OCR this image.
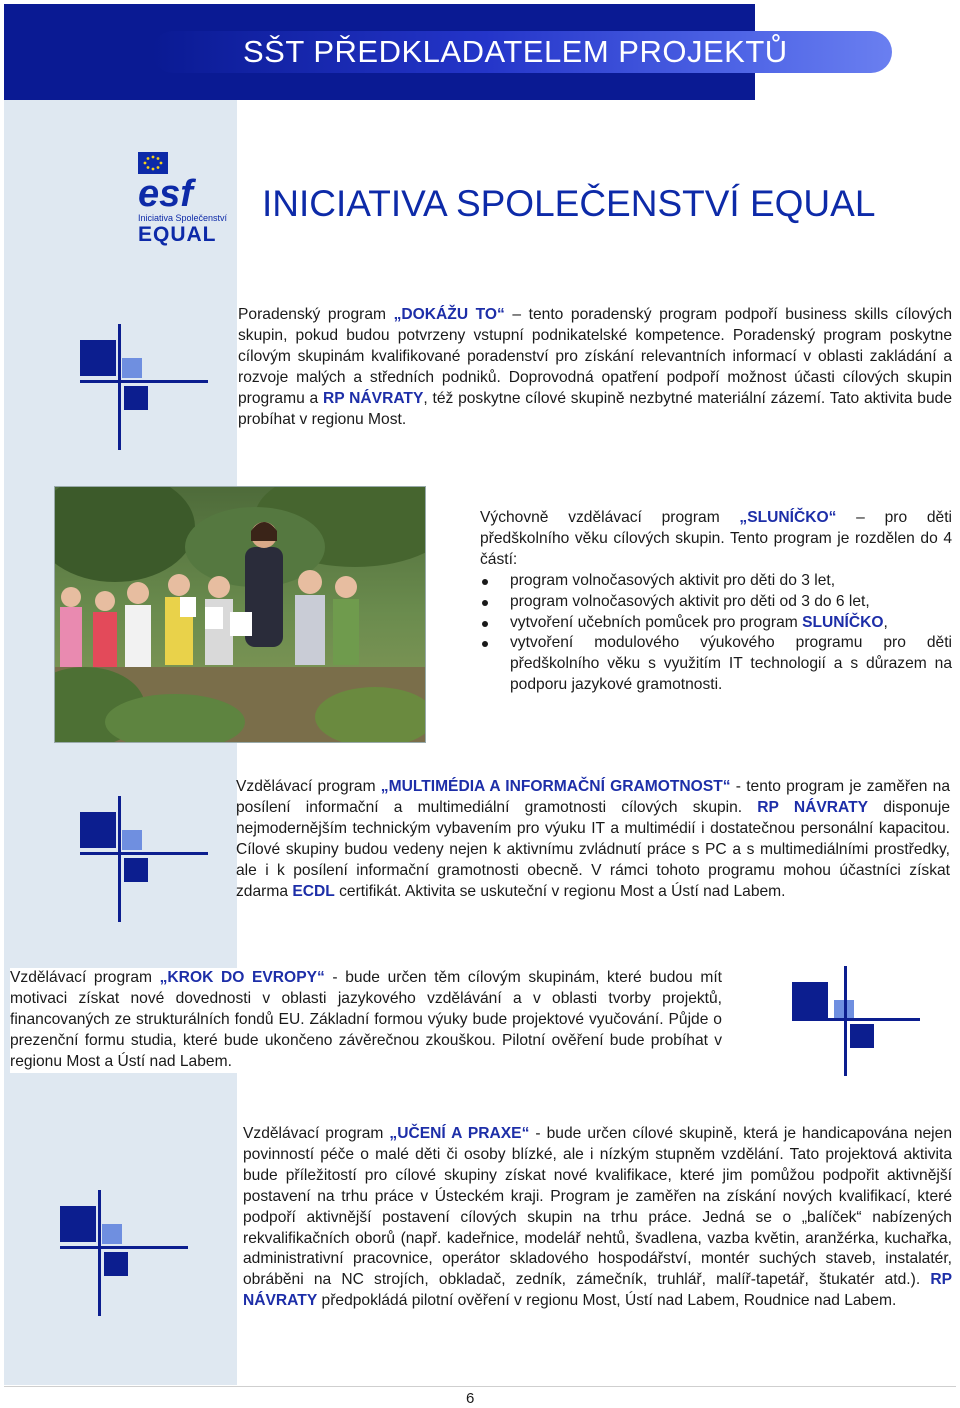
SŠT PŘEDKLADATELEM PROJEKTŮ
esf
Iniciativa Společenství
EQUAL
INICIATIVA SPOLEČENSTVÍ EQUAL
Poradenský program „DOKÁŽU TO“ – tento poradenský program podpoří business skills cílových skupin, pokud budou potvrzeny vstupní podnikatelské kompetence. Poradenský program poskytne cílovým skupinám kvalifikované poradenství pro získání relevantních informací v oblasti zakládání a rozvoje malých a středních podniků. Doprovodná opatření podpoří možnost účasti cílových skupin programu a RP NÁVRATY, též poskytne cílové skupině nezbytné materiální zázemí. Tato aktivita bude probíhat v regionu Most.
Výchovně vzdělávací program „SLUNÍČKO“ – pro děti předškolního věku cílových skupin. Tento program je rozdělen do 4 částí:
program volnočasových aktivit pro děti do 3 let,
program volnočasových aktivit pro děti od 3 do 6 let,
vytvoření učebních pomůcek pro program SLUNÍČKO,
vytvoření modulového výukového programu pro děti předškolního věku s využitím IT technologií a s důrazem na podporu jazykové gramotnosti.
Vzdělávací program „MULTIMÉDIA A INFORMAČNÍ GRAMOTNOST“ - tento program je zaměřen na posílení informační a multimediální gramotnosti cílových skupin. RP NÁVRATY disponuje nejmodernějším technickým vybavením pro výuku IT a multimédií i dostatečnou personální kapacitou. Cílové skupiny budou vedeny nejen k aktivnímu zvládnutí práce s PC a s multimediálními prostředky, ale i k posílení informační gramotnosti obecně. V rámci tohoto programu mohou účastníci získat zdarma ECDL certifikát. Aktivita se uskuteční v regionu Most a Ústí nad Labem.
Vzdělávací program „KROK DO EVROPY“ - bude určen těm cílovým skupinám, které budou mít motivaci získat nové dovednosti v oblasti jazykového vzdělávání a v oblasti tvorby projektů, financovaných ze strukturálních fondů EU. Základní formou výuky bude projektové vyučování. Půjde o prezenční formu studia, které bude ukončeno závěrečnou zkouškou. Pilotní ověření bude probíhat v regionu Most a Ústí nad Labem.
Vzdělávací program „UČENÍ A PRAXE“ - bude určen cílové skupině, která je handicapována nejen povinností péče o malé děti či osoby blízké, ale i nízkým stupněm vzdělání. Tato projektová aktivita bude příležitostí pro cílové skupiny získat nové kvalifikace, které jim pomůžou podpořit aktivnější postavení na trhu práce v Ústeckém kraji. Program je zaměřen na získání nových kvalifikací, které podpoří aktivnější postavení cílových skupin na trhu práce. Jedná se o „balíček“ nabízených rekvalifikačních oborů (např. kadeřnice, modelář nehtů, švadlena, vazba květin, aranžérka, kuchařka, administrativní pracovnice, operátor skladového hospodářství, montér suchých staveb, instalatér, obráběni na NC strojích, obkladač, zedník, zámečník, truhlář, malíř-tapetář, štukatér atd.). RP NÁVRATY předpokládá pilotní ověření v regionu Most, Ústí nad Labem, Roudnice nad Labem.
6
